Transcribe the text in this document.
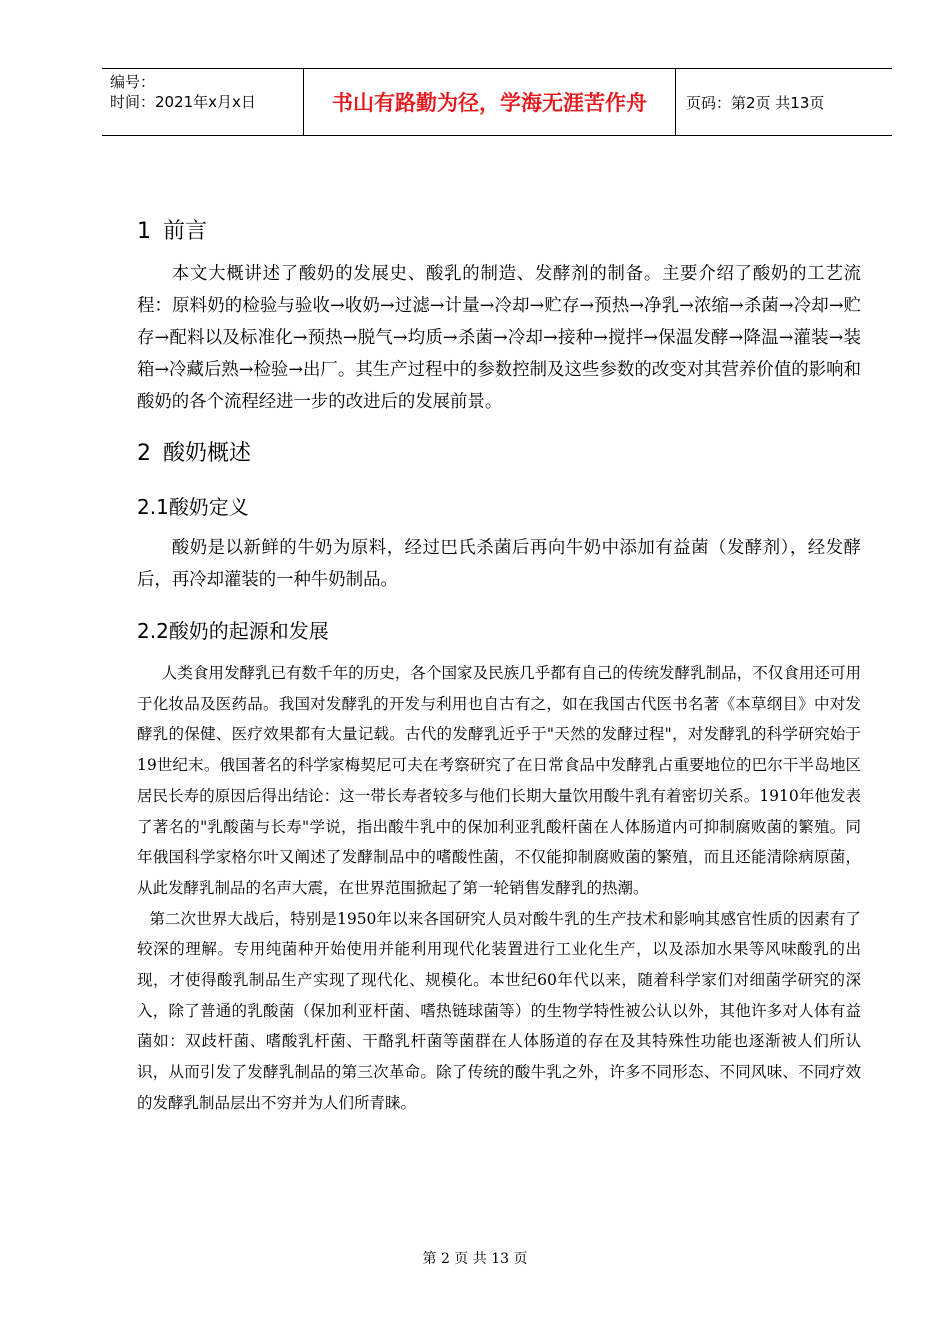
编号：
时间：2021年x月x日	书山有路勤为径，学海无涯苦作舟	页码：第2页 共13页
1 前言

本文大概讲述了酸奶的发展史、酸乳的制造、发酵剂的制备。主要介绍了酸奶的工艺流程：原料奶的检验与验收→收奶→过滤→计量→冷却→贮存→预热→净乳→浓缩→杀菌→冷却→贮存→配料以及标准化→预热→脱气→均质→杀菌→冷却→接种→搅拌→保温发酵→降温→灌装→装箱→冷藏后熟→检验→出厂。其生产过程中的参数控制及这些参数的改变对其营养价值的影响和酸奶的各个流程经进一步的改进后的发展前景。

2 酸奶概述
2.1酸奶定义

酸奶是以新鲜的牛奶为原料，经过巴氏杀菌后再向牛奶中添加有益菌（发酵剂），经发酵后，再冷却灌装的一种牛奶制品。

2.2酸奶的起源和发展

人类食用发酵乳已有数千年的历史，各个国家及民族几乎都有自己的传统发酵乳制品，不仅食用还可用于化妆品及医药品。我国对发酵乳的开发与利用也自古有之，如在我国古代医书名著《本草纲目》中对发酵乳的保健、医疗效果都有大量记载。古代的发酵乳近乎于"天然的发酵过程"，对发酵乳的科学研究始于19世纪末。俄国著名的科学家梅契尼可夫在考察研究了在日常食品中发酵乳占重要地位的巴尔干半岛地区居民长寿的原因后得出结论：这一带长寿者较多与他们长期大量饮用酸牛乳有着密切关系。1910年他发表了著名的"乳酸菌与长寿"学说，指出酸牛乳中的保加利亚乳酸杆菌在人体肠道内可抑制腐败菌的繁殖。同年俄国科学家格尔叶又阐述了发酵制品中的嗜酸性菌，不仅能抑制腐败菌的繁殖，而且还能清除病原菌，从此发酵乳制品的名声大震，在世界范围掀起了第一轮销售发酵乳的热潮。

第二次世界大战后，特别是1950年以来各国研究人员对酸牛乳的生产技术和影响其感官性质的因素有了较深的理解。专用纯菌种开始使用并能利用现代化装置进行工业化生产，以及添加水果等风味酸乳的出现，才使得酸乳制品生产实现了现代化、规模化。本世纪60年代以来，随着科学家们对细菌学研究的深入，除了普通的乳酸菌（保加利亚杆菌、嗜热链球菌等）的生物学特性被公认以外，其他许多对人体有益菌如：双歧杆菌、嗜酸乳杆菌、干酪乳杆菌等菌群在人体肠道的存在及其特殊性功能也逐渐被人们所认识，从而引发了发酵乳制品的第三次革命。除了传统的酸牛乳之外，许多不同形态、不同风味、不同疗效的发酵乳制品层出不穷并为人们所青睐。

第 2 页 共 13 页
